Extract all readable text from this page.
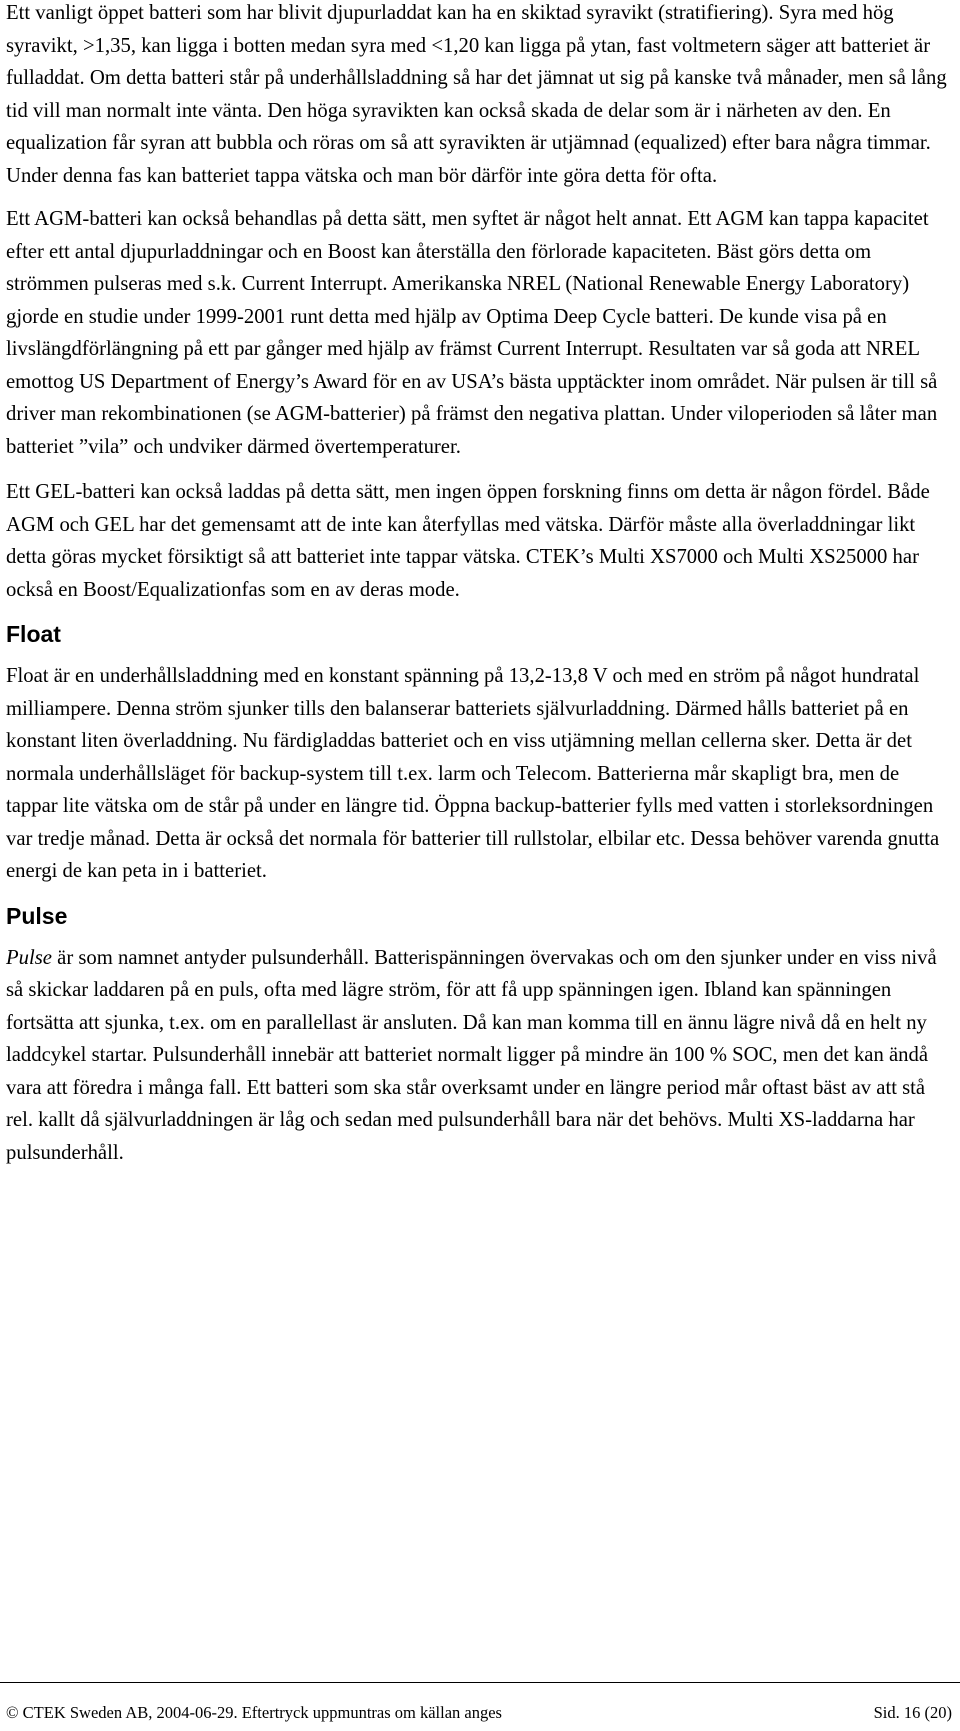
Ett vanligt öppet batteri som har blivit djupurladdat kan ha en skiktad syravikt (stratifiering). Syra med hög syravikt, >1,35, kan ligga i botten medan syra med <1,20 kan ligga på ytan, fast voltmetern säger att batteriet är fulladdat. Om detta batteri står på underhållsladdning så har det jämnat ut sig på kanske två månader, men så lång tid vill man normalt inte vänta. Den höga syravikten kan också skada de delar som är i närheten av den. En equalization får syran att bubbla och röras om så att syravikten är utjämnad (equalized) efter bara några timmar. Under denna fas kan batteriet tappa vätska och man bör därför inte göra detta för ofta.

Ett AGM-batteri kan också behandlas på detta sätt, men syftet är något helt annat. Ett AGM kan tappa kapacitet efter ett antal djupurladdningar och en Boost kan återställa den förlorade kapaciteten. Bäst görs detta om strömmen pulseras med s.k. Current Interrupt. Amerikanska NREL (National Renewable Energy Laboratory) gjorde en studie under 1999-2001 runt detta med hjälp av Optima Deep Cycle batteri. De kunde visa på en livslängdförlängning på ett par gånger med hjälp av främst Current Interrupt. Resultaten var så goda att NREL emottog US Department of Energy’s Award för en av USA’s bästa upptäckter inom området. När pulsen är till så driver man rekombinationen (se AGM-batterier) på främst den negativa plattan. Under viloperioden så låter man batteriet ”vila” och undviker därmed övertemperaturer.

Ett GEL-batteri kan också laddas på detta sätt, men ingen öppen forskning finns om detta är någon fördel. Både AGM och GEL har det gemensamt att de inte kan återfyllas med vätska. Därför måste alla överladdningar likt detta göras mycket försiktigt så att batteriet inte tappar vätska. CTEK’s Multi XS7000 och Multi XS25000 har också en Boost/Equalizationfas som en av deras mode.

Float

Float är en underhållsladdning med en konstant spänning på 13,2-13,8 V och med en ström på något hundratal milliampere. Denna ström sjunker tills den balanserar batteriets självurladdning. Därmed hålls batteriet på en konstant liten överladdning. Nu färdigladdas batteriet och en viss utjämning mellan cellerna sker. Detta är det normala underhållsläget för backup-system till t.ex. larm och Telecom. Batterierna mår skapligt bra, men de tappar lite vätska om de står på under en längre tid. Öppna backup-batterier fylls med vatten i storleksordningen var tredje månad. Detta är också det normala för batterier till rullstolar, elbilar etc. Dessa behöver varenda gnutta energi de kan peta in i batteriet.

Pulse

Pulse är som namnet antyder pulsunderhåll. Batterispänningen övervakas och om den sjunker under en viss nivå så skickar laddaren på en puls, ofta med lägre ström, för att få upp spänningen igen. Ibland kan spänningen fortsätta att sjunka, t.ex. om en parallellast är ansluten. Då kan man komma till en ännu lägre nivå då en helt ny laddcykel startar. Pulsunderhåll innebär att batteriet normalt ligger på mindre än 100 % SOC, men det kan ändå vara att föredra i många fall. Ett batteri som ska står overksamt under en längre period mår oftast bäst av att stå rel. kallt då självurladdningen är låg och sedan med pulsunderhåll bara när det behövs. Multi XS-laddarna har pulsunderhåll.

© CTEK Sweden AB, 2004-06-29. Eftertryck uppmuntras om källan anges	Sid. 16 (20)
